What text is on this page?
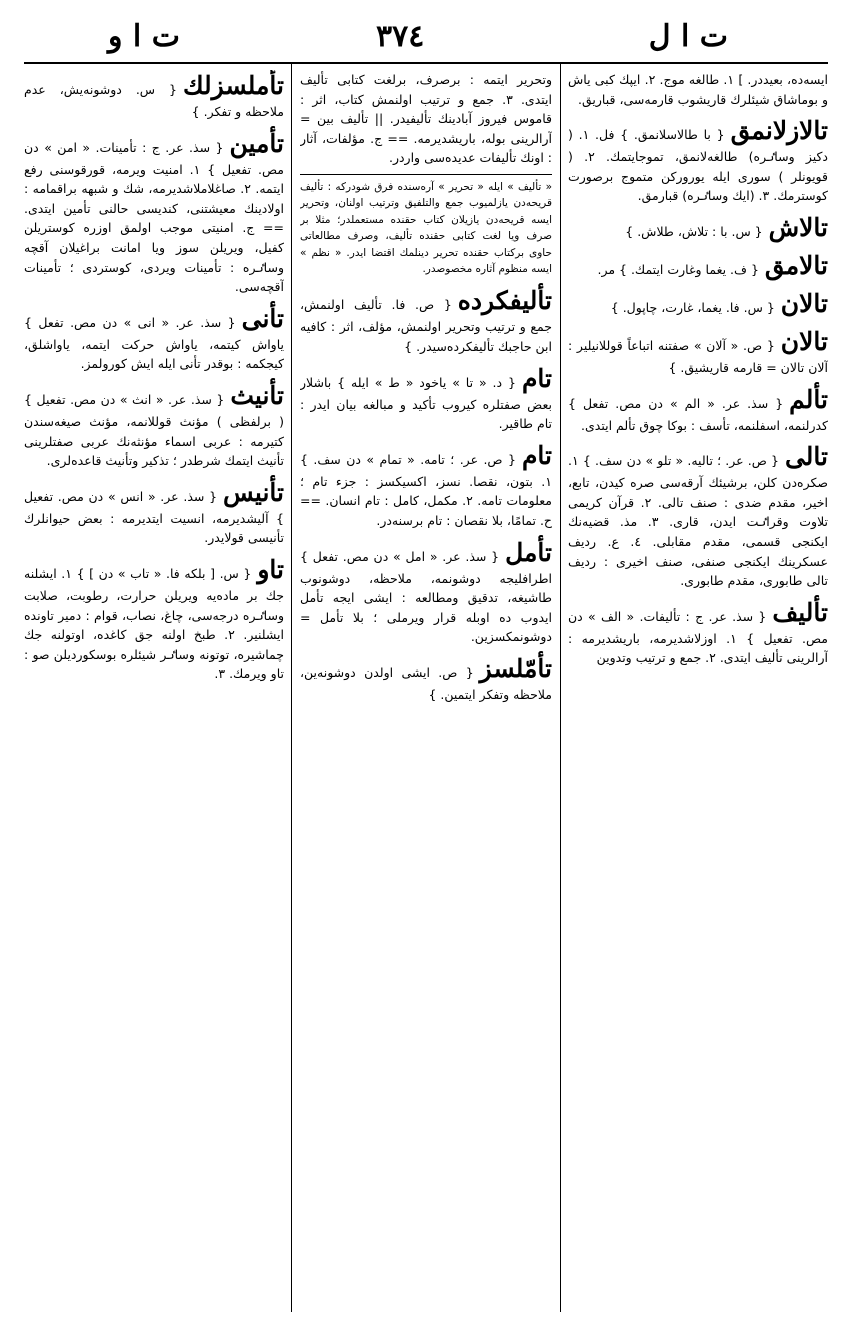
ت ا و	٣٧٤	ت ا ل
ايسه‌ده، بعيددر. ] ١. طالغه موج. ٢. ايپك كبى ياش و بوماشاق شيئلرك قاريشوب قارمه‌سى، قباريق.
تالازلانمق{ با طالاسلانمق. } فل. ١. ( دكيز وساٸره) طالغه‌لانمق، تموجايتمك. ٢. ( قويونلر ) سورى ايله يورورکن متموج برصورت كوسترمك. ٣. (ايك وساٸره) قبارمق.
تالاش{ س. با : تلاش، طلاش. }
تالامق{ ف. يغما وغارت ايتمك. } مر.
تالان{ س. فا. يغما، غارت، چاپول. }
تالان{ ص. « آلان » صفتنه اتباعاً قوللانيلير : آلان تالان = قارمه قاريشيق. }
تألم{ سذ. عر. « الم » دن مص. تفعل } كدرلنمه، اسفلنمه، تأسف : بوكا چوق تألم ايتدى.
تالى{ ص. عر. ؛ تاليه. « تلو » دن سف. } ١. صكره‌دن كلن، برشيئك آرقه‌سى صره كيدن، تابع، اخير، مقدم ضدى : صنف تالى. ٢. قرآن كريمى تلاوت وقراٸت ايدن، قارى. ٣. مذ. قضيه‌نك ايكنجى قسمى، مقدم مقابلى. ٤. ع. رديف عسكرينك ايكنجى صنفى، صنف اخيرى : رديف تالى طابورى، مقدم طابورى.
تأليف{ سذ. عر. ج : تأليفات. « الف » دن مص. تفعيل } ١. اوزلاشديرمه، باريشديرمه : آرالرينى تأليف ايتدى. ٢. جمع و ترتيب وتدوين
وتحرير ايتمه : برصرف، برلغت كتابى تأليف ايتدى. ٣. جمع و ترتيب اولنمش كتاب، اثر : قاموس فيروز آبادينك تأليفيدر. || تأليف بين = آرالرينى بوله، باريشديرمه. == ج. مؤلفات، آثار : اونك تأليفات عديده‌سى واردر.
« تأليف » ايله « تحرير » آره‌سنده فرق شودركه : تأليف قريحه‌دن يازلميوب جمع والتلفيق وترتيب اولنان، وتحرير ايسه قريحه‌دن يازيلان كتاب حقنده مستعملدر؛ مثلا بر صرف ويا لغت كتابى حقنده تأليف، وصرف مطالعاتى حاوى بركتاب حقنده تحرير دينلمك اقتضا ايدر. « نظم » ايسه منظوم آثاره مخصوصدر.
تأليفكرده{ ص. فا. تأليف اولنمش، جمع و ترتيب وتحرير اولنمش، مؤلف، اثر : كافيه ابن حاجبك تأليفكرده‌سيدر. }
تام{ د. « تا » ياخود « ط » ايله } باشلار بعض صفتلره كيروب تأكيد و مبالغه بيان ايدر : تام طاقير.
تام{ ص. عر. ؛ تامه. « تمام » دن سف. } ١. بتون، نقصا. نسز، اكسيكسز : جزء تام ؛ معلومات تامه. ٢. مكمل، كامل : تام انسان. == ح. تمامًا، بلا نقصان : تام برسنه‌در.
تأمل{ سذ. عر. « امل » دن مص. تفعل } اطرافليجه دوشونمه، ملاحظه، دوشونوب طاشيغه، تدقيق ومطالعه : ايشى ايجه تأمل ايدوب ده اوبله قرار ويرملى ؛ بلا تأمل = دوشونمكسزين.
تأمّلسز{ ص. ايشى اولدن دوشونه‌ين، ملاحظه وتفكر ايتمين. }
تأملسزلك{ س. دوشونه‌يش، عدم ملاحظه و تفكر. }
تأمين{ سذ. عر. ج : تأمينات. « امن » دن مص. تفعيل } ١. امنيت ويرمه، قورقوسنى رفع ايتمه. ٢. صاغلاملاشديرمه، شك و شبهه براقمامه : اولادينك معيشتنى، كنديسى حالنى تأمين ايتدى. == ج. امنيتى موجب اولمق اوزره كوستريلن كفيل، ويريلن سوز ويا امانت براغيلان آقچه وساٸره : تأمينات ويردى، كوستردى ؛ تأمينات آقچه‌سى.
تأنى{ سذ. عر. « انى » دن مص. تفعل } ياواش كيتمه، ياواش حركت ايتمه، ياواشلق، كيجكمه : بوقدر تأنى ايله ايش كورولمز.
تأنيث{ سذ. عر. « انث » دن مص. تفعيل } ( برلفظى ) مؤنث قوللانمه، مؤنث صيغه‌سندن كتيرمه : عربى اسماء مؤنثه‌نك عربى صفتلرينى تأنيث ايتمك شرطدر ؛ تذكير وتأنيث قاعده‌لرى.
تأنيس{ سذ. عر. « انس » دن مص. تفعيل } آليشديرمه، انسيت ايتديرمه : بعض حيوانلرك تأنيسى قولايدر.
تاو{ س. [ بلكه فا. « تاب » دن ] } ١. ايشلنه جك بر ماده‌يه ويريلن حرارت، رطوبت، صلابت وساٸره درجه‌سى، چاغ، نصاب، قوام : دمير تاوندە ايشلنير. ٢. طبخ اولنه جق كاغده، اوتولنه جك چماشيره، توتونه وساٸر شيئلره بوسكورديلن صو : تاو ويرمك. ٣.
